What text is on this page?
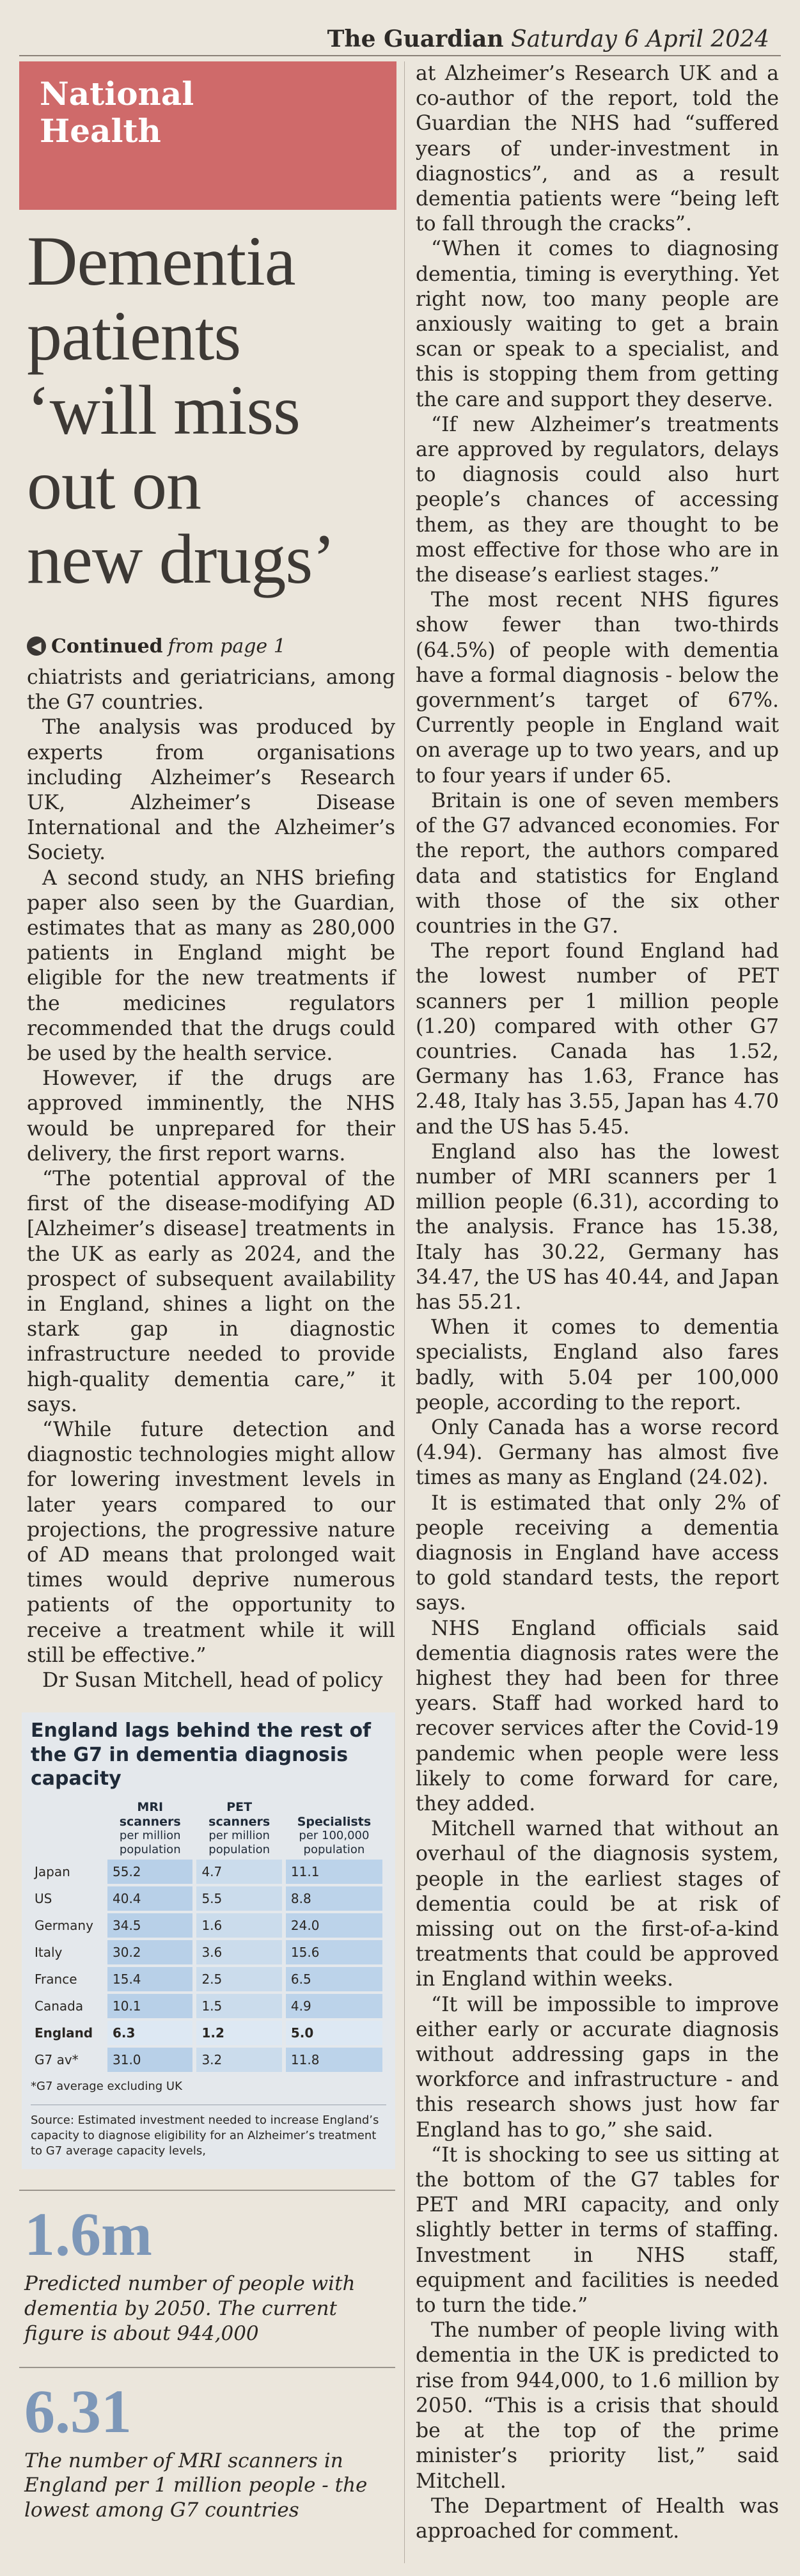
The Guardian Saturday 6 April 2024
National
Health
Dementia
patients
‘will miss
out on
new drugs’
◀ Continued from page 1

chiatrists and geriatricians, among the G7 countries.

The analysis was produced by experts from organisations including Alzheimer’s Research UK, Alzheimer’s Disease International and the Alzheimer’s Society.

A second study, an NHS briefing paper also seen by the Guardian, estimates that as many as 280,000 patients in England might be eligible for the new treatments if the medicines regulators recommended that the drugs could be used by the health service.

However, if the drugs are approved imminently, the NHS would be unprepared for their delivery, the first report warns.

“The potential approval of the first of the disease-modifying AD [Alzheimer’s disease] treatments in the UK as early as 2024, and the prospect of subsequent availability in England, shines a light on the stark gap in diagnostic infrastructure needed to provide high-quality dementia care,” it says.

“While future detection and diagnostic technologies might allow for lowering investment levels in later years compared to our projections, the progressive nature of AD means that prolonged wait times would deprive numerous patients of the opportunity to receive a treatment while it will still be effective.”

Dr Susan Mitchell, head of policy

England lags behind the rest of the G7 in dementia diagnosis capacity
	MRI scanners
per million population	PET scanners
per million population	Specialists
per 100,000 population

Japan	55.2	4.7	11.1
US	40.4	5.5	8.8
Germany	34.5	1.6	24.0
Italy	30.2	3.6	15.6
France	15.4	2.5	6.5
Canada	10.1	1.5	4.9
England	6.3	1.2	5.0
G7 av*	31.0	3.2	11.8
*G7 average excluding UK
Source: Estimated investment needed to increase England’s capacity to diagnose eligibility for an Alzheimer’s treatment to G7 average capacity levels,
1.6m
Predicted number of people with dementia by 2050. The current figure is about 944,000
6.31
The number of MRI scanners in England per 1 million people - the lowest among G7 countries

at Alzheimer’s Research UK and a co-author of the report, told the Guardian the NHS had “suffered years of under-investment in diagnostics”, and as a result dementia patients were “being left to fall through the cracks”.

“When it comes to diagnosing dementia, timing is everything. Yet right now, too many people are anxiously waiting to get a brain scan or speak to a specialist, and this is stopping them from getting the care and support they deserve.

“If new Alzheimer’s treatments are approved by regulators, delays to diagnosis could also hurt people’s chances of accessing them, as they are thought to be most effective for those who are in the disease’s earliest stages.”

The most recent NHS figures show fewer than two-thirds (64.5%) of people with dementia have a formal diagnosis - below the government’s target of 67%. Currently people in England wait on average up to two years, and up to four years if under 65.

Britain is one of seven members of the G7 advanced economies. For the report, the authors compared data and statistics for England with those of the six other countries in the G7.

The report found England had the lowest number of PET scanners per 1 million people (1.20) compared with other G7 countries. Canada has 1.52, Germany has 1.63, France has 2.48, Italy has 3.55, Japan has 4.70 and the US has 5.45.

England also has the lowest number of MRI scanners per 1 million people (6.31), according to the analysis. France has 15.38, Italy has 30.22, Germany has 34.47, the US has 40.44, and Japan has 55.21.

When it comes to dementia specialists, England also fares badly, with 5.04 per 100,000 people, according to the report.

Only Canada has a worse record (4.94). Germany has almost five times as many as England (24.02).

It is estimated that only 2% of people receiving a dementia diagnosis in England have access to gold standard tests, the report says.

NHS England officials said dementia diagnosis rates were the highest they had been for three years. Staff had worked hard to recover services after the Covid-19 pandemic when people were less likely to come forward for care, they added.

Mitchell warned that without an overhaul of the diagnosis system, people in the earliest stages of dementia could be at risk of missing out on the first-of-a-kind treatments that could be approved in England within weeks.

“It will be impossible to improve either early or accurate diagnosis without addressing gaps in the workforce and infrastructure - and this research shows just how far England has to go,” she said.

“It is shocking to see us sitting at the bottom of the G7 tables for PET and MRI capacity, and only slightly better in terms of staffing. Investment in NHS staff, equipment and facilities is needed to turn the tide.”

The number of people living with dementia in the UK is predicted to rise from 944,000, to 1.6 million by 2050. “This is a crisis that should be at the top of the prime minister’s priority list,” said Mitchell.

The Department of Health was approached for comment.
